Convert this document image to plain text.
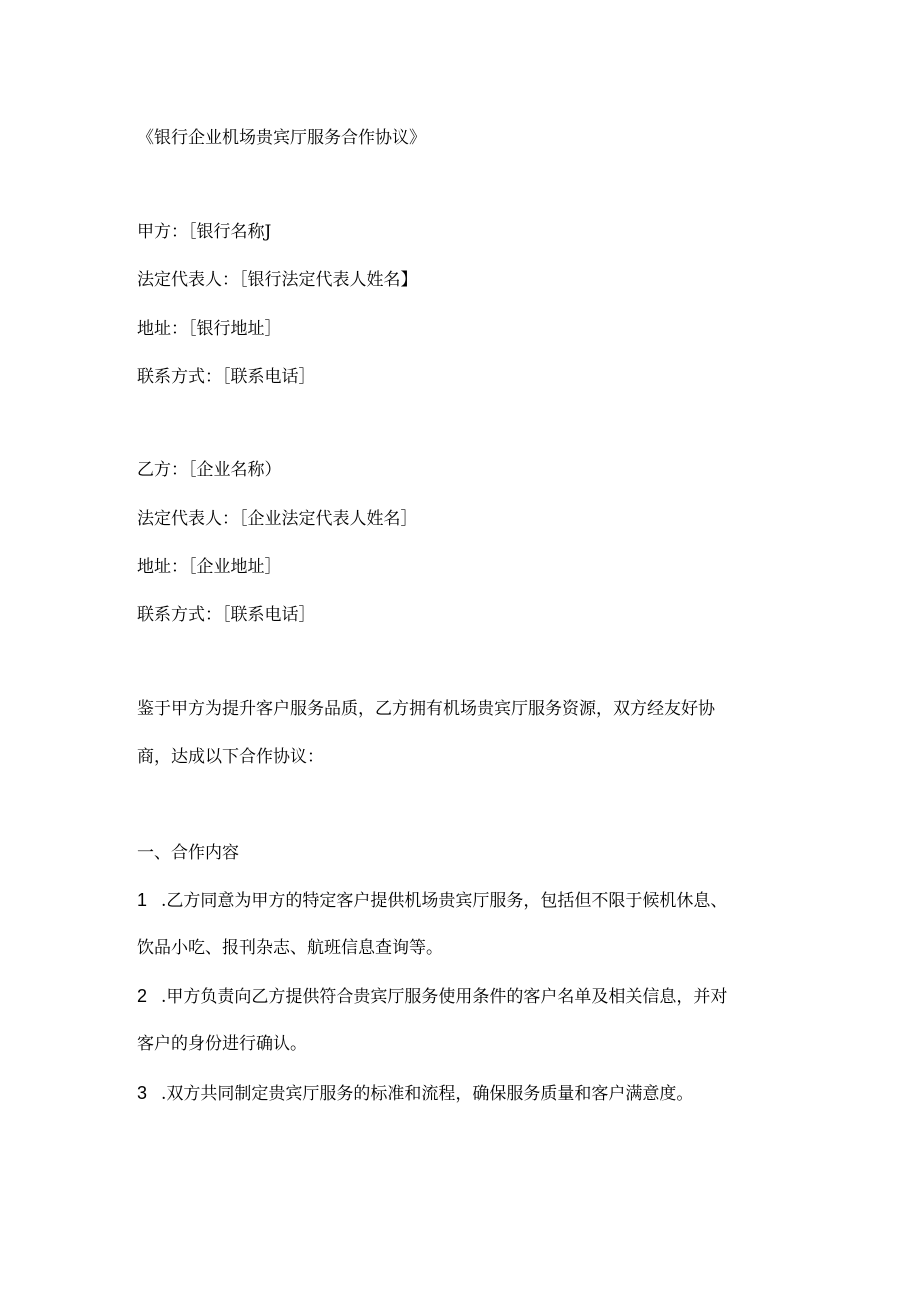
《银行企业机场贵宾厅服务合作协议》

甲方：［银行名称J

法定代表人：［银行法定代表人姓名】

地址：［银行地址］

联系方式：［联系电话］

乙方：［企业名称）

法定代表人：［企业法定代表人姓名］

地址：［企业地址］

联系方式：［联系电话］

鉴于甲方为提升客户服务品质，乙方拥有机场贵宾厅服务资源，双方经友好协

商，达成以下合作协议：

一、合作内容

1 .乙方同意为甲方的特定客户提供机场贵宾厅服务，包括但不限于候机休息、

饮品小吃、报刊杂志、航班信息查询等。

2 .甲方负责向乙方提供符合贵宾厅服务使用条件的客户名单及相关信息，并对

客户的身份进行确认。

3 .双方共同制定贵宾厅服务的标准和流程，确保服务质量和客户满意度。
